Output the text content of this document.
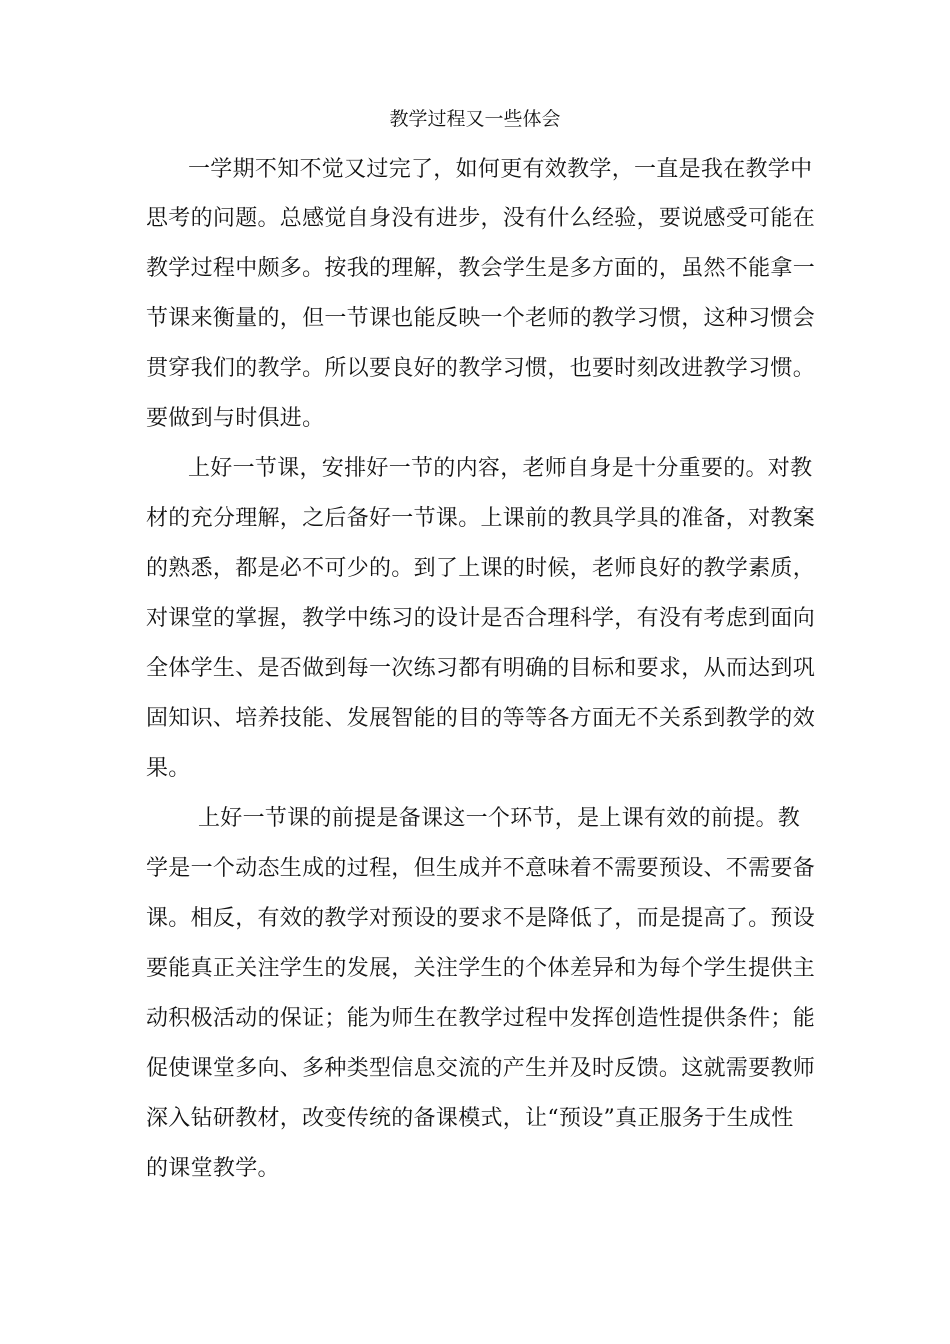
教学过程又一些体会
一学期不知不觉又过完了，如何更有效教学，一直是我在教学中
思考的问题。总感觉自身没有进步，没有什么经验，要说感受可能在
教学过程中颇多。按我的理解，教会学生是多方面的，虽然不能拿一
节课来衡量的，但一节课也能反映一个老师的教学习惯，这种习惯会
贯穿我们的教学。所以要良好的教学习惯，也要时刻改进教学习惯。
要做到与时俱进。
上好一节课，安排好一节的内容，老师自身是十分重要的。对教
材的充分理解，之后备好一节课。上课前的教具学具的准备，对教案
的熟悉，都是必不可少的。到了上课的时候，老师良好的教学素质，
对课堂的掌握，教学中练习的设计是否合理科学，有没有考虑到面向
全体学生、是否做到每一次练习都有明确的目标和要求，从而达到巩
固知识、培养技能、发展智能的目的等等各方面无不关系到教学的效
果。
上好一节课的前提是备课这一个环节，是上课有效的前提。教
学是一个动态生成的过程，但生成并不意味着不需要预设、不需要备
课。相反，有效的教学对预设的要求不是降低了，而是提高了。预设
要能真正关注学生的发展，关注学生的个体差异和为每个学生提供主
动积极活动的保证；能为师生在教学过程中发挥创造性提供条件；能
促使课堂多向、多种类型信息交流的产生并及时反馈。这就需要教师
深入钻研教材，改变传统的备课模式，让“预设”真正服务于生成性
的课堂教学。
